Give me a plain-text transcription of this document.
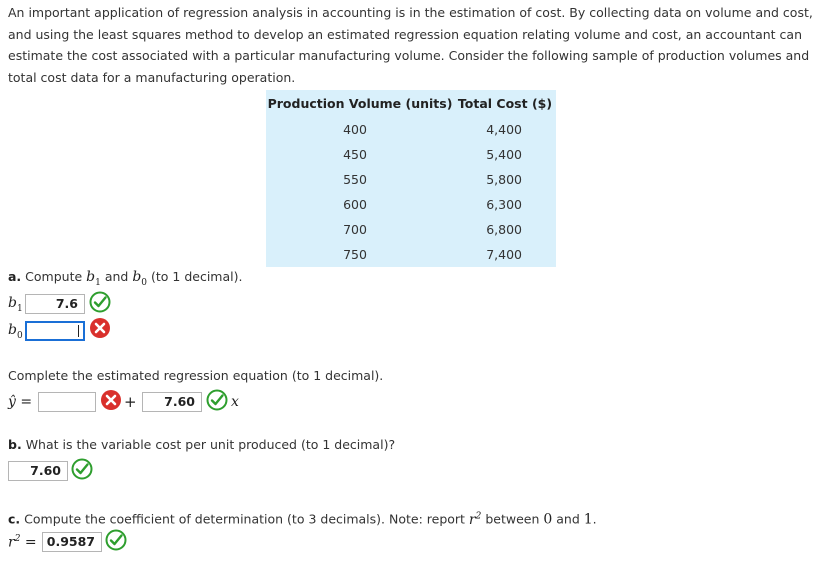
An important application of regression analysis in accounting is in the estimation of cost. By collecting data on volume and cost, and using the least squares method to develop an estimated regression equation relating volume and cost, an accountant can estimate the cost associated with a particular manufacturing volume. Consider the following sample of production volumes and total cost data for a manufacturing operation.

Production Volume (units)	Total Cost ($)
400	4,400
450	5,400
550	5,800
600	6,300
700	6,800
750	7,400
a. Compute $b_1$ and $b_0$ (to 1 decimal).
$b_1$	7.6
$b_0$
Complete the estimated regression equation (to 1 decimal).
ŷ =	+	7.60	x
b. What is the variable cost per unit produced (to 1 decimal)?
7.60
c. Compute the coefficient of determination (to 3 decimals). Note: report $r^2$ between 0 and 1.
$r^2 = 0.9587$
